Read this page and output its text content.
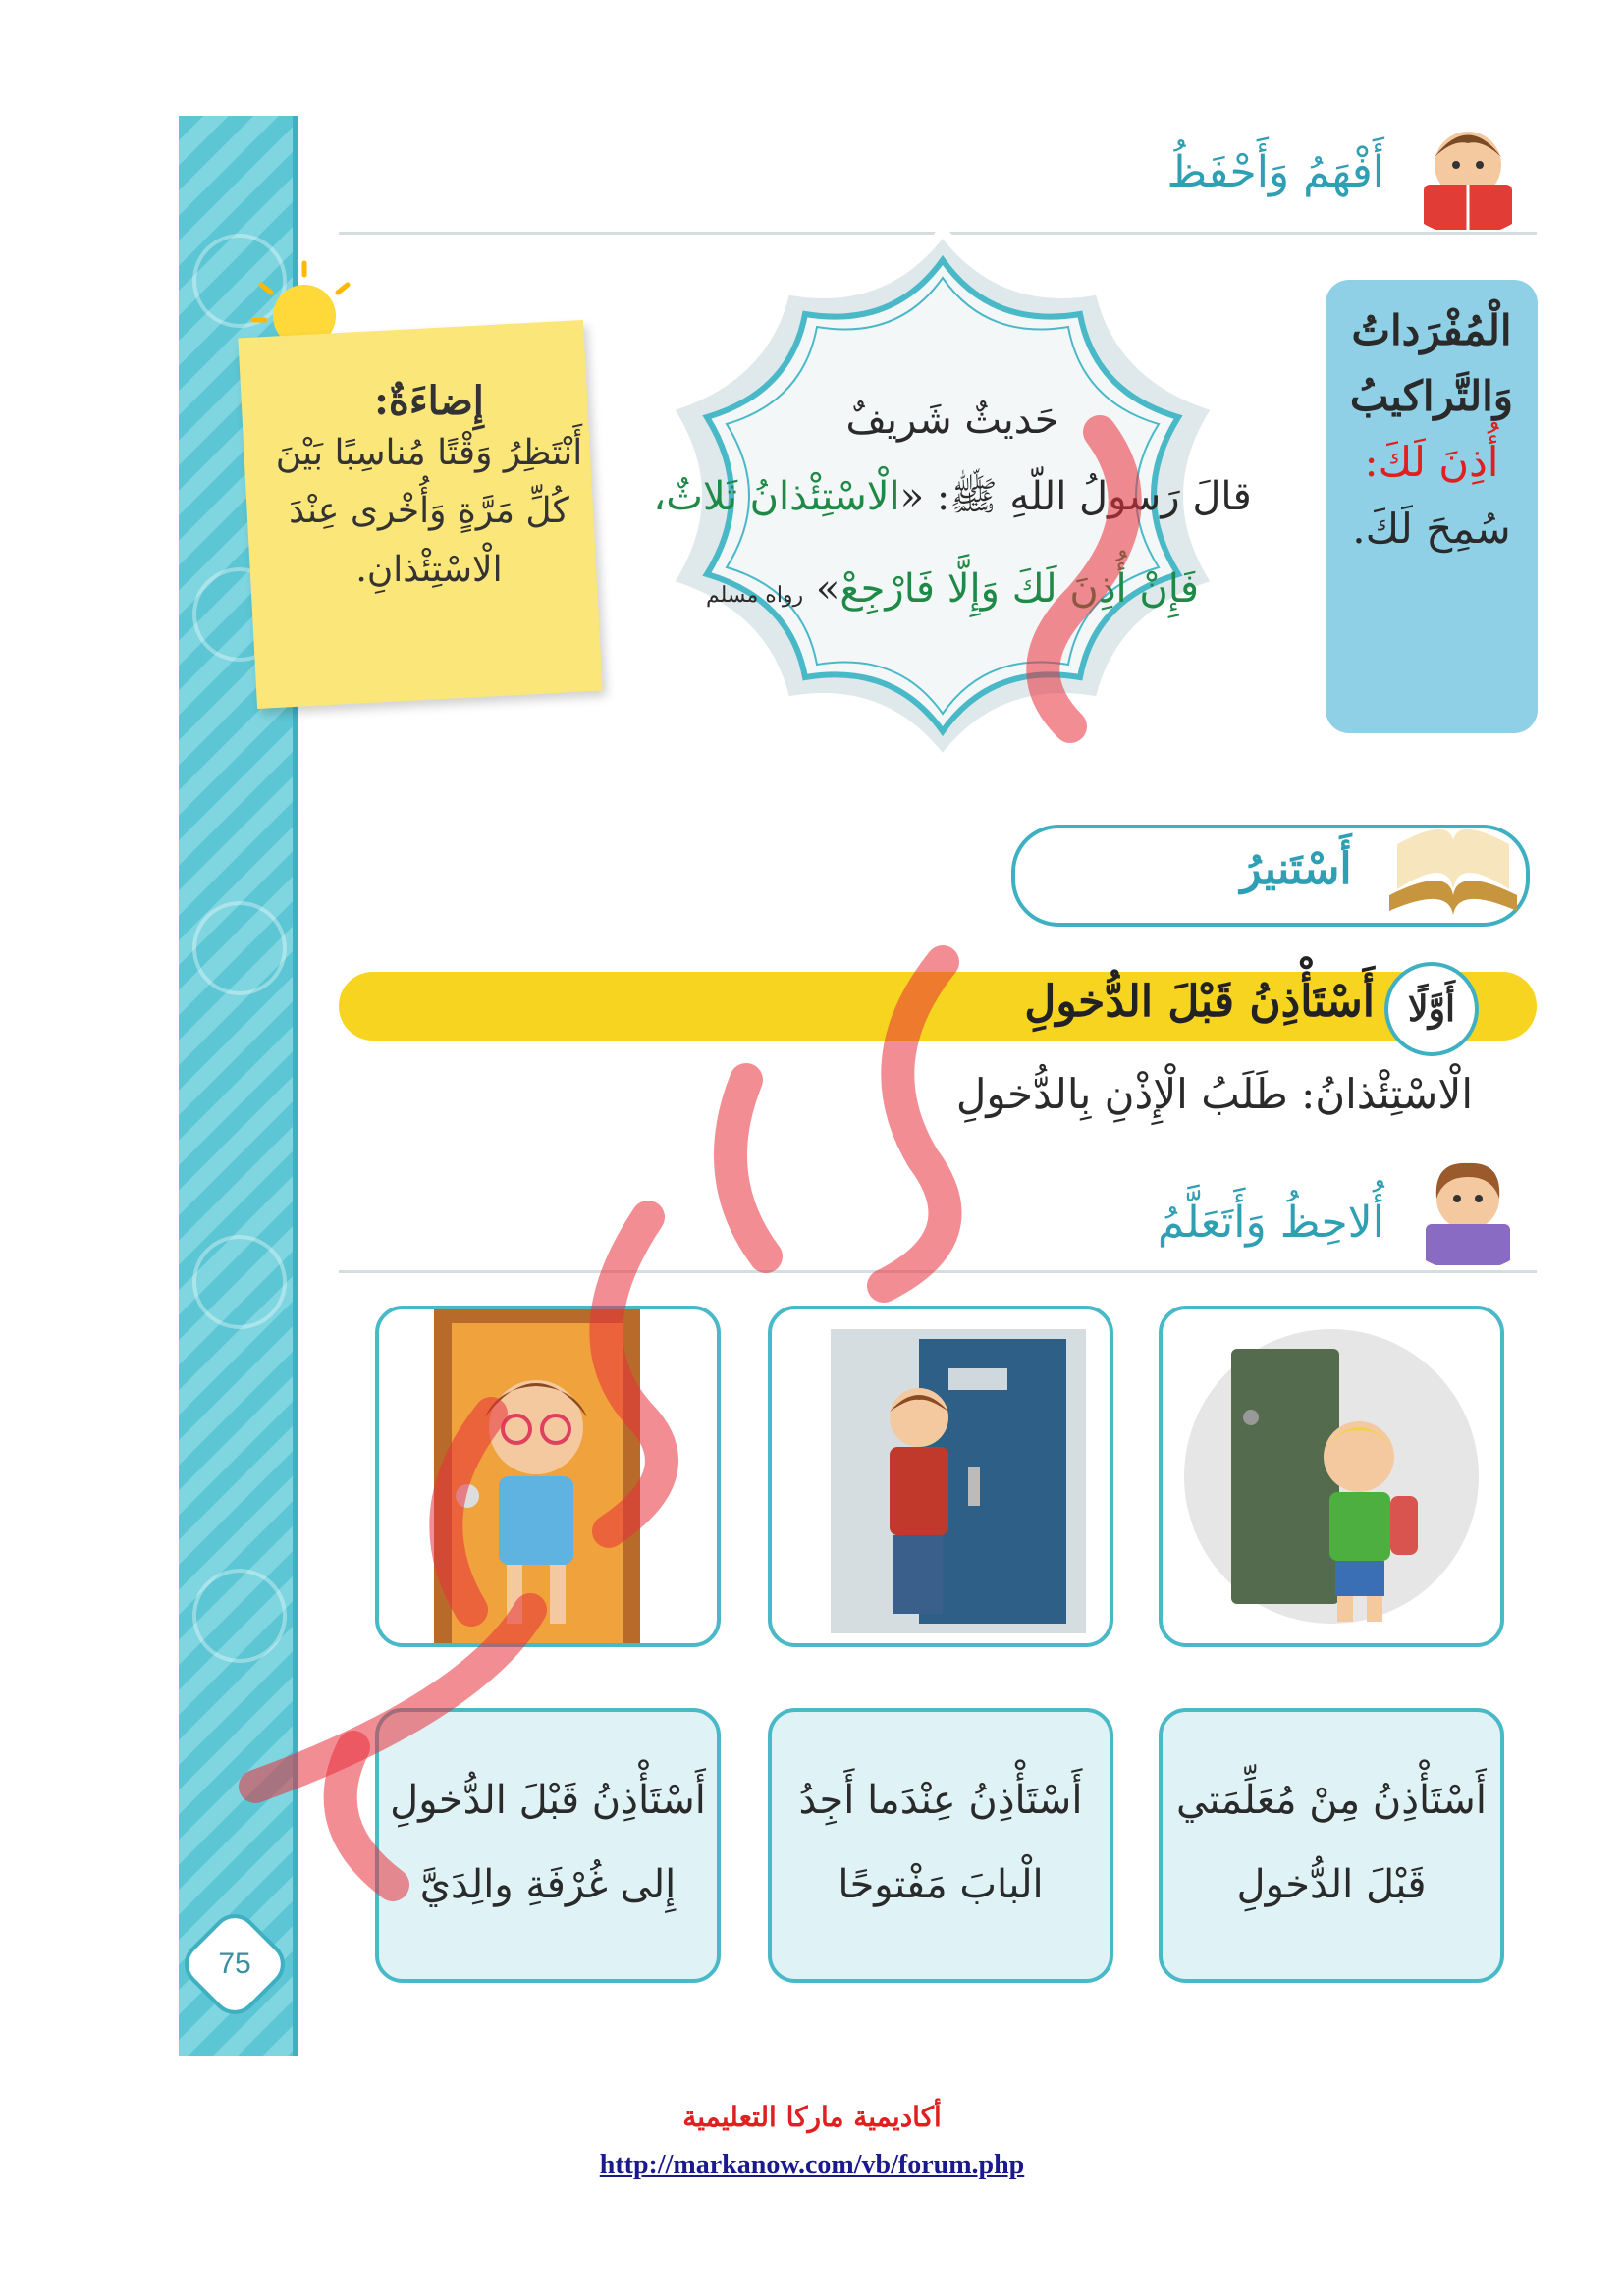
أَفْهَمُ وَأَحْفَظُ
الْمُفْرَداتُ
وَالتَّراكيبُ
أُذِنَ لَكَ:
سُمِحَ لَكَ.
حَديثٌ شَريفٌ
قالَ رَسولُ اللّهِ ﷺ: «الْاسْتِئْذانُ ثَلاثٌ،
فَإِنْ أُذِنَ لَكَ وَإِلَّا فَارْجِعْ» رواه مسلم
إِضاءَةٌ:
أَنْتَظِرُ وَقْتًا مُناسِبًا بَيْنَ كُلِّ مَرَّةٍ وَأُخْرى عِنْدَ الْاسْتِئْذانِ.
أَسْتَنيرُ
أَوَّلًا
أَسْتَأْذِنُ قَبْلَ الدُّخولِ
الْاسْتِئْذانُ: طَلَبُ الْإِذْنِ بِالدُّخولِ
أُلاحِظُ وَأَتَعَلَّمُ
أَسْتَأْذِنُ مِنْ مُعَلِّمَتي
قَبْلَ الدُّخولِ
أَسْتَأْذِنُ عِنْدَما أَجِدُ
الْبابَ مَفْتوحًا
أَسْتَأْذِنُ قَبْلَ الدُّخولِ
إِلى غُرْفَةِ والِدَيَّ
75
أكاديمية ماركا التعليمية
http://markanow.com/vb/forum.php
